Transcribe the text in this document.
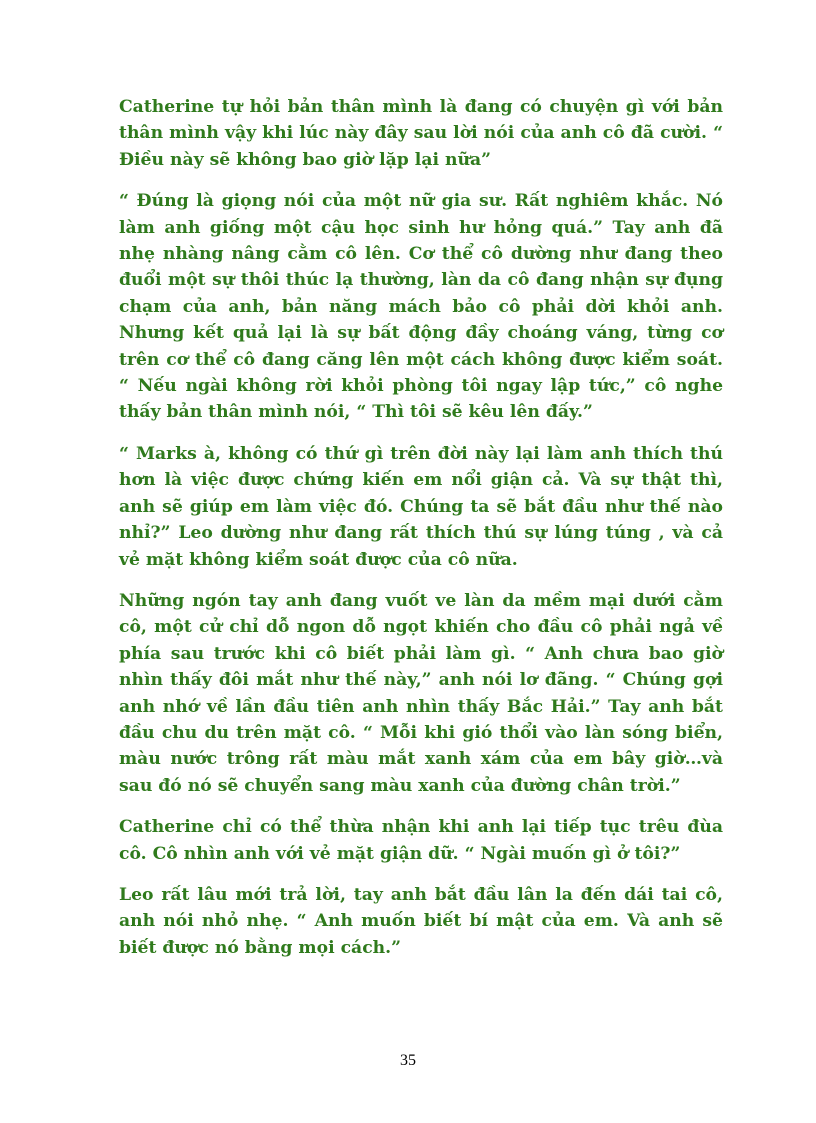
Catherine tự hỏi bản thân mình là đang có chuyện gì với bản thân mình vậy khi lúc này đây sau lời nói của anh cô đã cười. “ Điều này sẽ không bao giờ lặp lại nữa”

“ Đúng là giọng nói của một nữ gia sư. Rất nghiêm khắc. Nó làm anh giống một cậu học sinh hư hỏng quá.” Tay anh đã nhẹ nhàng nâng cằm cô lên. Cơ thể cô dường như đang theo đuổi một sự thôi thúc lạ thường, làn da cô đang nhận sự đụng chạm của anh, bản năng mách bảo cô phải dời khỏi anh. Nhưng kết quả lại là sự bất động đầy choáng váng, từng cơ trên cơ thể cô đang căng lên một cách không được kiểm soát. “ Nếu ngài không rời khỏi phòng tôi ngay lập tức,” cô nghe thấy bản thân mình nói, “ Thì tôi sẽ kêu lên đấy.”

“ Marks à, không có thứ gì trên đời này lại làm anh thích thú hơn là việc được chứng kiến em nổi giận cả. Và sự thật thì, anh sẽ giúp em làm việc đó. Chúng ta sẽ bắt đầu như thế nào nhỉ?” Leo dường như đang rất thích thú sự lúng túng , và cả vẻ mặt không kiểm soát được của cô nữa.

Những ngón tay anh đang vuốt ve làn da mềm mại dưới cằm cô, một cử chỉ dỗ ngon dỗ ngọt khiến cho đầu cô phải ngả về phía sau trước khi cô biết phải làm gì. “ Anh chưa bao giờ nhìn thấy đôi mắt như thế này,” anh nói lơ đãng. “ Chúng gợi anh nhớ về lần đầu tiên anh nhìn thấy Bắc Hải.” Tay anh bắt đầu chu du trên mặt cô. “ Mỗi khi gió thổi vào làn sóng biển, màu nước trông rất màu mắt xanh xám của em bây giờ…và sau đó nó sẽ chuyển sang màu xanh của đường chân trời.”

Catherine chỉ có thể thừa nhận khi anh lại tiếp tục trêu đùa cô. Cô nhìn anh với vẻ mặt giận dữ. “ Ngài muốn gì ở tôi?”

Leo rất lâu mới trả lời, tay anh bắt đầu lân la đến dái tai cô, anh nói nhỏ nhẹ. “ Anh muốn biết bí mật của em. Và anh sẽ biết được nó bằng mọi cách.”

35
